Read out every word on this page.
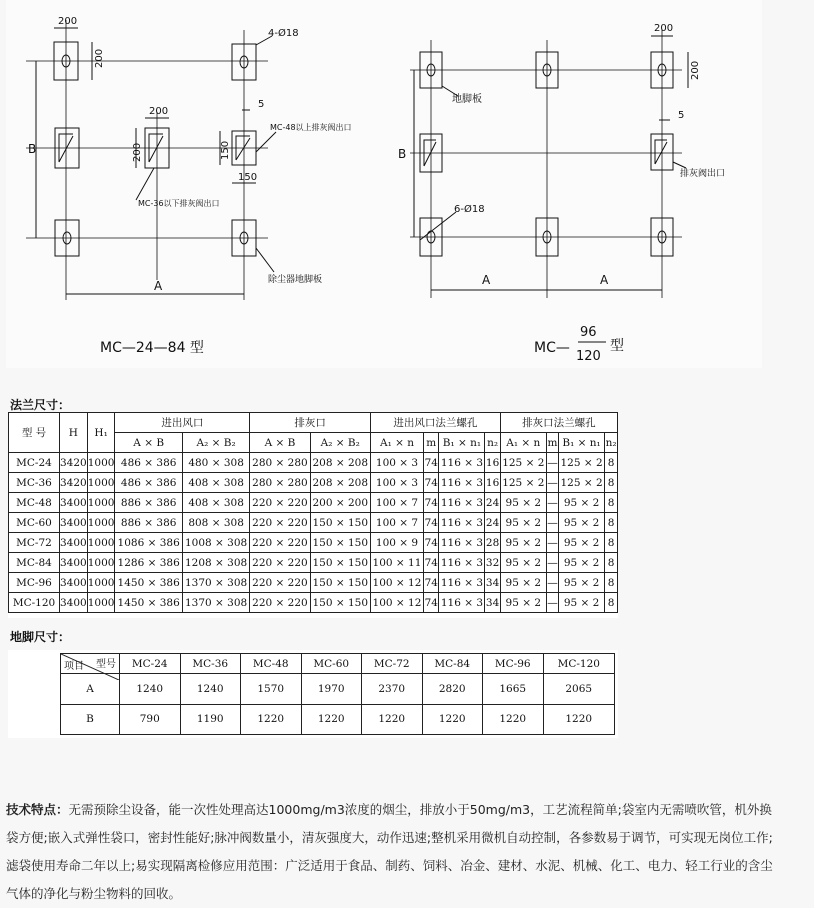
200
200
4-Ø18
200
200
5
150
150
B
A
MC-48以上排灰阀出口
MC-36以下排灰阀出口
除尘器地脚板
MC—24—84 型
200
200
地脚板
5
排灰阀出口
6-Ø18
B
A	A
MC—
96
120
型
法兰尺寸：
型 号	H	H₁	进出风口		排灰口		进出风口法兰螺孔				排灰口法兰螺孔			
			A × B	A₂ × B₂	A × B	A₂ × B₂	A₁ × n	m	B₁ × n₁	n₂	A₁ × n	m	B₁ × n₁	n₂
MC-24	3420	1000	486 × 386	480 × 308	280 × 280	208 × 208	100 × 3	74	116 × 3	16	125 × 2	—	125 × 2	8
MC-36	3420	1000	486 × 386	408 × 308	280 × 280	208 × 208	100 × 3	74	116 × 3	16	125 × 2	—	125 × 2	8
MC-48	3400	1000	886 × 386	408 × 308	220 × 220	200 × 200	100 × 7	74	116 × 3	24	95 × 2	—	95 × 2	8
MC-60	3400	1000	886 × 386	808 × 308	220 × 220	150 × 150	100 × 7	74	116 × 3	24	95 × 2	—	95 × 2	8
MC-72	3400	1000	1086 × 386	1008 × 308	220 × 220	150 × 150	100 × 9	74	116 × 3	28	95 × 2	—	95 × 2	8
MC-84	3400	1000	1286 × 386	1208 × 308	220 × 220	150 × 150	100 × 11	74	116 × 3	32	95 × 2	—	95 × 2	8
MC-96	3400	1000	1450 × 386	1370 × 308	220 × 220	150 × 150	100 × 12	74	116 × 3	34	95 × 2	—	95 × 2	8
MC-120	3400	1000	1450 × 386	1370 × 308	220 × 220	150 × 150	100 × 12	74	116 × 3	34	95 × 2	—	95 × 2	8
地脚尺寸：
型号
项目	MC-24	MC-36	MC-48	MC-60	MC-72	MC-84	MC-96	MC-120
A	1240	1240	1570	1970	2370	2820	1665	2065
B	790	1190	1220	1220	1220	1220	1220	1220
技术特点：无需预除尘设备，能一次性处理高达1000mg/m3浓度的烟尘，排放小于50mg/m3，工艺流程简单;袋室内无需喷吹管，机外换袋方便;嵌入式弹性袋口，密封性能好;脉冲阀数量小，清灰强度大，动作迅速;整机采用微机自动控制，各参数易于调节，可实现无岗位工作;滤袋使用寿命二年以上;易实现隔离检修应用范围：广泛适用于食品、制药、饲料、冶金、建材、水泥、机械、化工、电力、轻工行业的含尘气体的净化与粉尘物料的回收。
